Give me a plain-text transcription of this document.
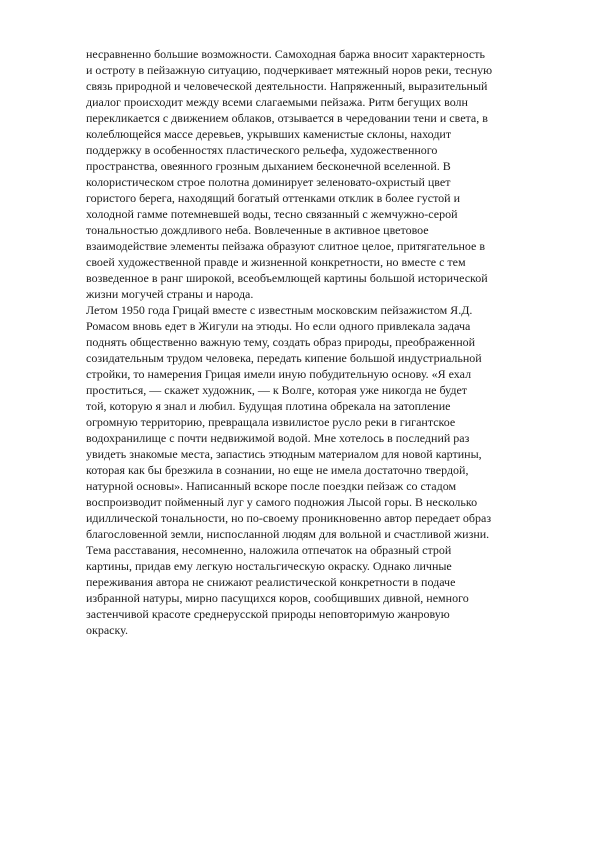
несравненно большие возможности. Самоходная баржа вносит характерность
и остроту в пейзажную ситуацию, подчеркивает мятежный норов реки, тесную
связь природной и человеческой деятельности. Напряженный, выразительный
диалог происходит между всеми слагаемыми пейзажа. Ритм бегущих волн
перекликается с движением облаков, отзывается в чередовании тени и света, в
колеблющейся массе деревьев, укрывших каменистые склоны, находит
поддержку в особенностях пластического рельефа, художественного
пространства, овеянного грозным дыханием бесконечной вселенной. В
колористическом строе полотна доминирует зеленовато-охристый цвет
гористого берега, находящий богатый оттенками отклик в более густой и
холодной гамме потемневшей воды, тесно связанный с жемчужно-серой
тональностью дождливого неба. Вовлеченные в активное цветовое
взаимодействие элементы пейзажа образуют слитное целое, притягательное в
своей художественной правде и жизненной конкретности, но вместе с тем
возведенное в ранг широкой, всеобъемлющей картины большой исторической
жизни могучей страны и народа.
Летом 1950 года Грицай вместе с известным московским пейзажистом Я.Д.
Ромасом вновь едет в Жигули на этюды. Но если одного привлекала задача
поднять общественно важную тему, создать образ природы, преображенной
созидательным трудом человека, передать кипение большой индустриальной
стройки, то намерения Грицая имели иную побудительную основу. «Я ехал
проститься, — скажет художник, — к Волге, которая уже никогда не будет
той, которую я знал и любил. Будущая плотина обрекала на затопление
огромную территорию, превращала извилистое русло реки в гигантское
водохранилище с почти недвижимой водой. Мне хотелось в последний раз
увидеть знакомые места, запастись этюдным материалом для новой картины,
которая как бы брезжила в сознании, но еще не имела достаточно твердой,
натурной основы». Написанный вскоре после поездки пейзаж со стадом
воспроизводит пойменный луг у самого подножия Лысой горы. В несколько
идиллической тональности, но по-своему проникновенно автор передает образ
благословенной земли, ниспосланной людям для вольной и счастливой жизни.
Тема расставания, несомненно, наложила отпечаток на образный строй
картины, придав ему легкую ностальгическую окраску. Однако личные
переживания автора не снижают реалистической конкретности в подаче
избранной натуры, мирно пасущихся коров, сообщивших дивной, немного
застенчивой красоте среднерусской природы неповторимую жанровую
окраску.
